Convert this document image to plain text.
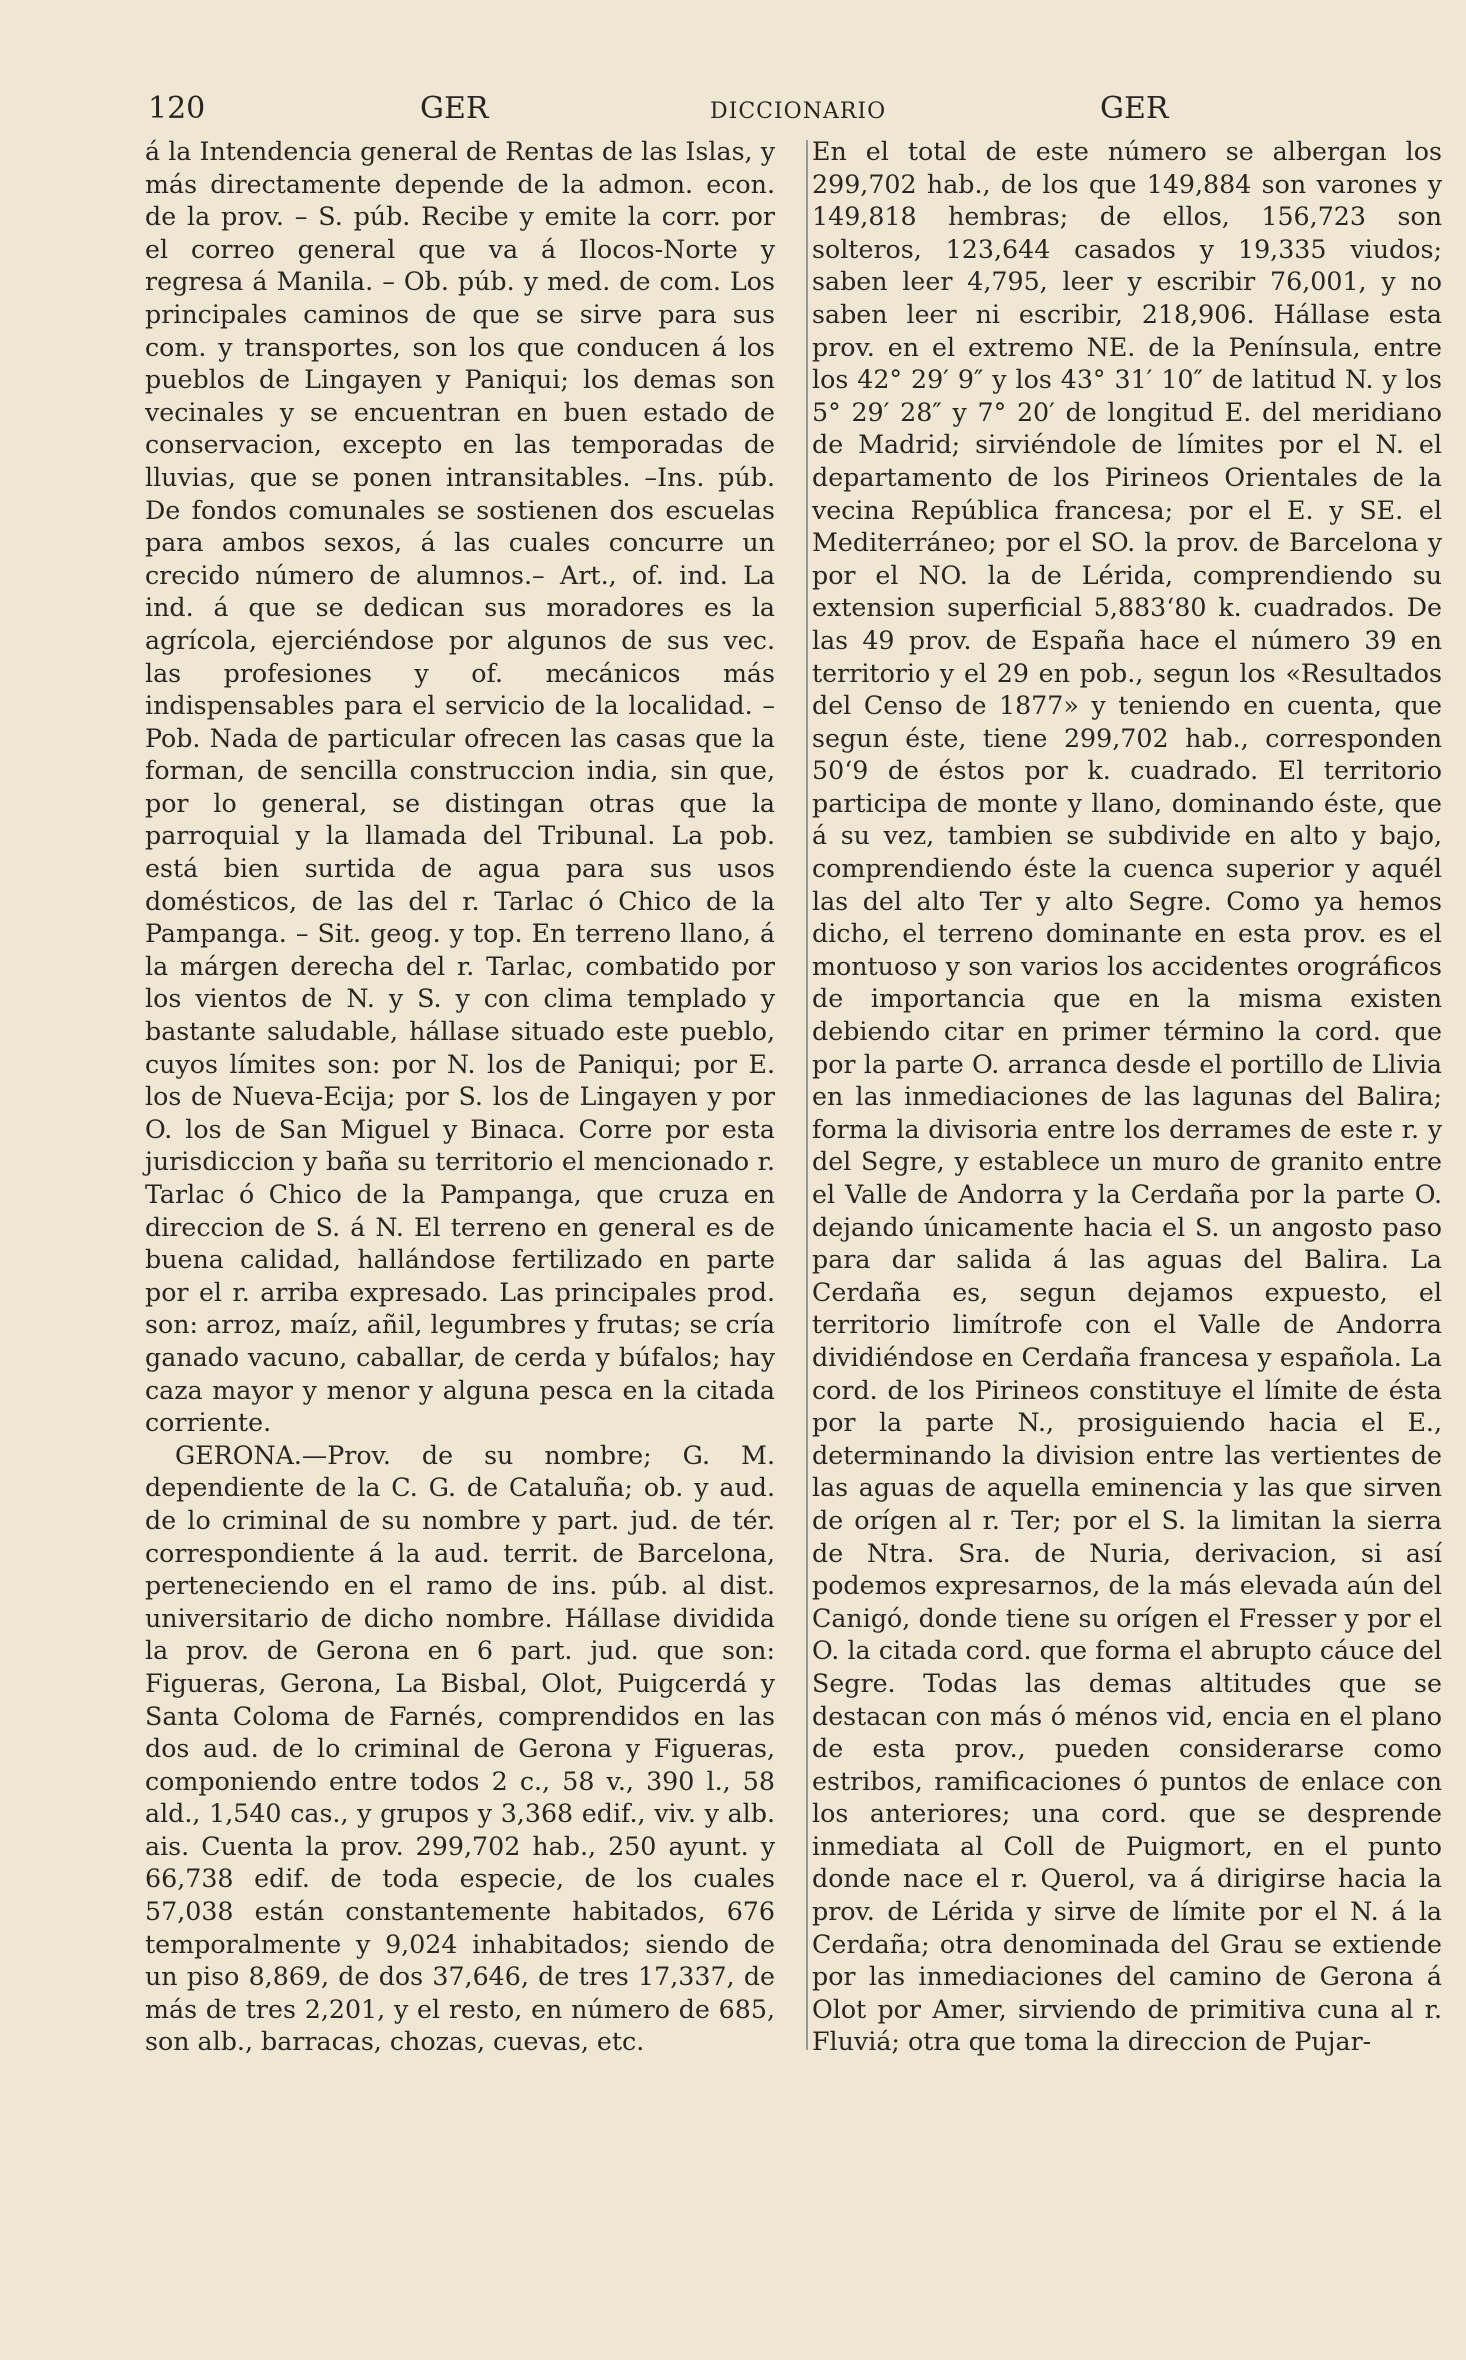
120	GER	DICCIONARIO	GER

á la Intendencia general de Rentas de las Islas, y más directamente depende de la admon. econ. de la prov. – S. púb. Recibe y emite la corr. por el correo general que va á Ilocos-Norte y regresa á Manila. – Ob. púb. y med. de com. Los principales caminos de que se sirve para sus com. y transportes, son los que conducen á los pueblos de Lingayen y Paniqui; los demas son vecinales y se encuentran en buen estado de conservacion, excepto en las temporadas de lluvias, que se ponen intransitables. –Ins. púb. De fondos comunales se sostienen dos escuelas para ambos sexos, á las cuales concurre un crecido número de alumnos.– Art., of. ind. La ind. á que se dedican sus moradores es la agrícola, ejerciéndose por algunos de sus vec. las profesiones y of. mecánicos más indispensables para el servicio de la localidad. – Pob. Nada de particular ofrecen las casas que la forman, de sencilla construccion india, sin que, por lo general, se distingan otras que la parroquial y la llamada del Tribunal. La pob. está bien surtida de agua para sus usos domésticos, de las del r. Tarlac ó Chico de la Pampanga. – Sit. geog. y top. En terreno llano, á la márgen derecha del r. Tarlac, combatido por los vientos de N. y S. y con clima templado y bastante saludable, hállase situado este pueblo, cuyos límites son: por N. los de Paniqui; por E. los de Nueva-Ecija; por S. los de Lingayen y por O. los de San Miguel y Binaca. Corre por esta jurisdiccion y baña su territorio el mencionado r. Tarlac ó Chico de la Pampanga, que cruza en direccion de S. á N. El terreno en general es de buena calidad, hallándose fertilizado en parte por el r. arriba expresado. Las principales prod. son: arroz, maíz, añil, legumbres y frutas; se cría ganado vacuno, caballar, de cerda y búfalos; hay caza mayor y menor y alguna pesca en la citada corriente.

GERONA.—Prov. de su nombre; G. M. dependiente de la C. G. de Cataluña; ob. y aud. de lo criminal de su nombre y part. jud. de tér. correspondiente á la aud. territ. de Barcelona, perteneciendo en el ramo de ins. púb. al dist. universitario de dicho nombre. Hállase dividida la prov. de Gerona en 6 part. jud. que son: Figueras, Gerona, La Bisbal, Olot, Puigcerdá y Santa Coloma de Farnés, comprendidos en las dos aud. de lo criminal de Gerona y Figueras, componiendo entre todos 2 c., 58 v., 390 l., 58 ald., 1,540 cas., y grupos y 3,368 edif., viv. y alb. ais. Cuenta la prov. 299,702 hab., 250 ayunt. y 66,738 edif. de toda especie, de los cuales 57,038 están constantemente habitados, 676 temporalmente y 9,024 inhabitados; siendo de un piso 8,869, de dos 37,646, de tres 17,337, de más de tres 2,201, y el resto, en número de 685, son alb., barracas, chozas, cuevas, etc.

En el total de este número se albergan los 299,702 hab., de los que 149,884 son varones y 149,818 hembras; de ellos, 156,723 son solteros, 123,644 casados y 19,335 viudos; saben leer 4,795, leer y escribir 76,001, y no saben leer ni escribir, 218,906. Hállase esta prov. en el extremo NE. de la Península, entre los 42° 29′ 9″ y los 43° 31′ 10″ de latitud N. y los 5° 29′ 28″ y 7° 20′ de longitud E. del meridiano de Madrid; sirviéndole de límites por el N. el departamento de los Pirineos Orientales de la vecina República francesa; por el E. y SE. el Mediterráneo; por el SO. la prov. de Barcelona y por el NO. la de Lérida, comprendiendo su extension superficial 5,883‘80 k. cuadrados. De las 49 prov. de España hace el número 39 en territorio y el 29 en pob., segun los «Resultados del Censo de 1877» y teniendo en cuenta, que segun éste, tiene 299,702 hab., corresponden 50‘9 de éstos por k. cuadrado. El territorio participa de monte y llano, dominando éste, que á su vez, tambien se subdivide en alto y bajo, comprendiendo éste la cuenca superior y aquél las del alto Ter y alto Segre. Como ya hemos dicho, el terreno dominante en esta prov. es el montuoso y son varios los accidentes orográficos de importancia que en la misma existen debiendo citar en primer término la cord. que por la parte O. arranca desde el portillo de Llivia en las inmediaciones de las lagunas del Balira; forma la divisoria entre los derrames de este r. y del Segre, y establece un muro de granito entre el Valle de Andorra y la Cerdaña por la parte O. dejando únicamente hacia el S. un angosto paso para dar salida á las aguas del Balira. La Cerdaña es, segun dejamos expuesto, el territorio limítrofe con el Valle de Andorra dividiéndose en Cerdaña francesa y española. La cord. de los Pirineos constituye el límite de ésta por la parte N., prosiguiendo hacia el E., determinando la division entre las vertientes de las aguas de aquella eminencia y las que sirven de orígen al r. Ter; por el S. la limitan la sierra de Ntra. Sra. de Nuria, derivacion, si así podemos expresarnos, de la más elevada aún del Canigó, donde tiene su orígen el Fresser y por el O. la citada cord. que forma el abrupto cáuce del Segre. Todas las demas altitudes que se destacan con más ó ménos vid, encia en el plano de esta prov., pueden considerarse como estribos, ramificaciones ó puntos de enlace con los anteriores; una cord. que se desprende inmediata al Coll de Puigmort, en el punto donde nace el r. Querol, va á dirigirse hacia la prov. de Lérida y sirve de límite por el N. á la Cerdaña; otra denominada del Grau se extiende por las inmediaciones del camino de Gerona á Olot por Amer, sirviendo de primitiva cuna al r. Fluviá; otra que toma la direccion de Pujar-
